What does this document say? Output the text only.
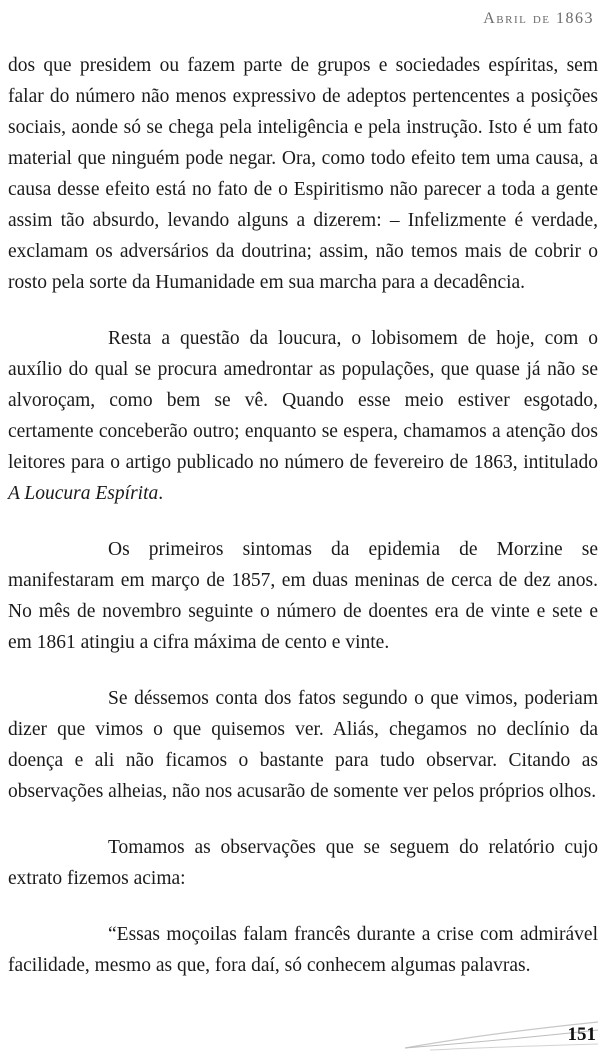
Abril de 1863

dos que presidem ou fazem parte de grupos e sociedades espíritas, sem falar do número não menos expressivo de adeptos pertencentes a posições sociais, aonde só se chega pela inteligência e pela instrução. Isto é um fato material que ninguém pode negar. Ora, como todo efeito tem uma causa, a causa desse efeito está no fato de o Espiritismo não parecer a toda a gente assim tão absurdo, levando alguns a dizerem: – Infelizmente é verdade, exclamam os adversários da doutrina; assim, não temos mais de cobrir o rosto pela sorte da Humanidade em sua marcha para a decadência.

Resta a questão da loucura, o lobisomem de hoje, com o auxílio do qual se procura amedrontar as populações, que quase já não se alvoroçam, como bem se vê. Quando esse meio estiver esgotado, certamente conceberão outro; enquanto se espera, chamamos a atenção dos leitores para o artigo publicado no número de fevereiro de 1863, intitulado A Loucura Espírita.

Os primeiros sintomas da epidemia de Morzine se manifestaram em março de 1857, em duas meninas de cerca de dez anos. No mês de novembro seguinte o número de doentes era de vinte e sete e em 1861 atingiu a cifra máxima de cento e vinte.

Se déssemos conta dos fatos segundo o que vimos, poderiam dizer que vimos o que quisemos ver. Aliás, chegamos no declínio da doença e ali não ficamos o bastante para tudo observar. Citando as observações alheias, não nos acusarão de somente ver pelos próprios olhos.

Tomamos as observações que se seguem do relatório cujo extrato fizemos acima:

“Essas moçoilas falam francês durante a crise com admirável facilidade, mesmo as que, fora daí, só conhecem algumas palavras.

151
